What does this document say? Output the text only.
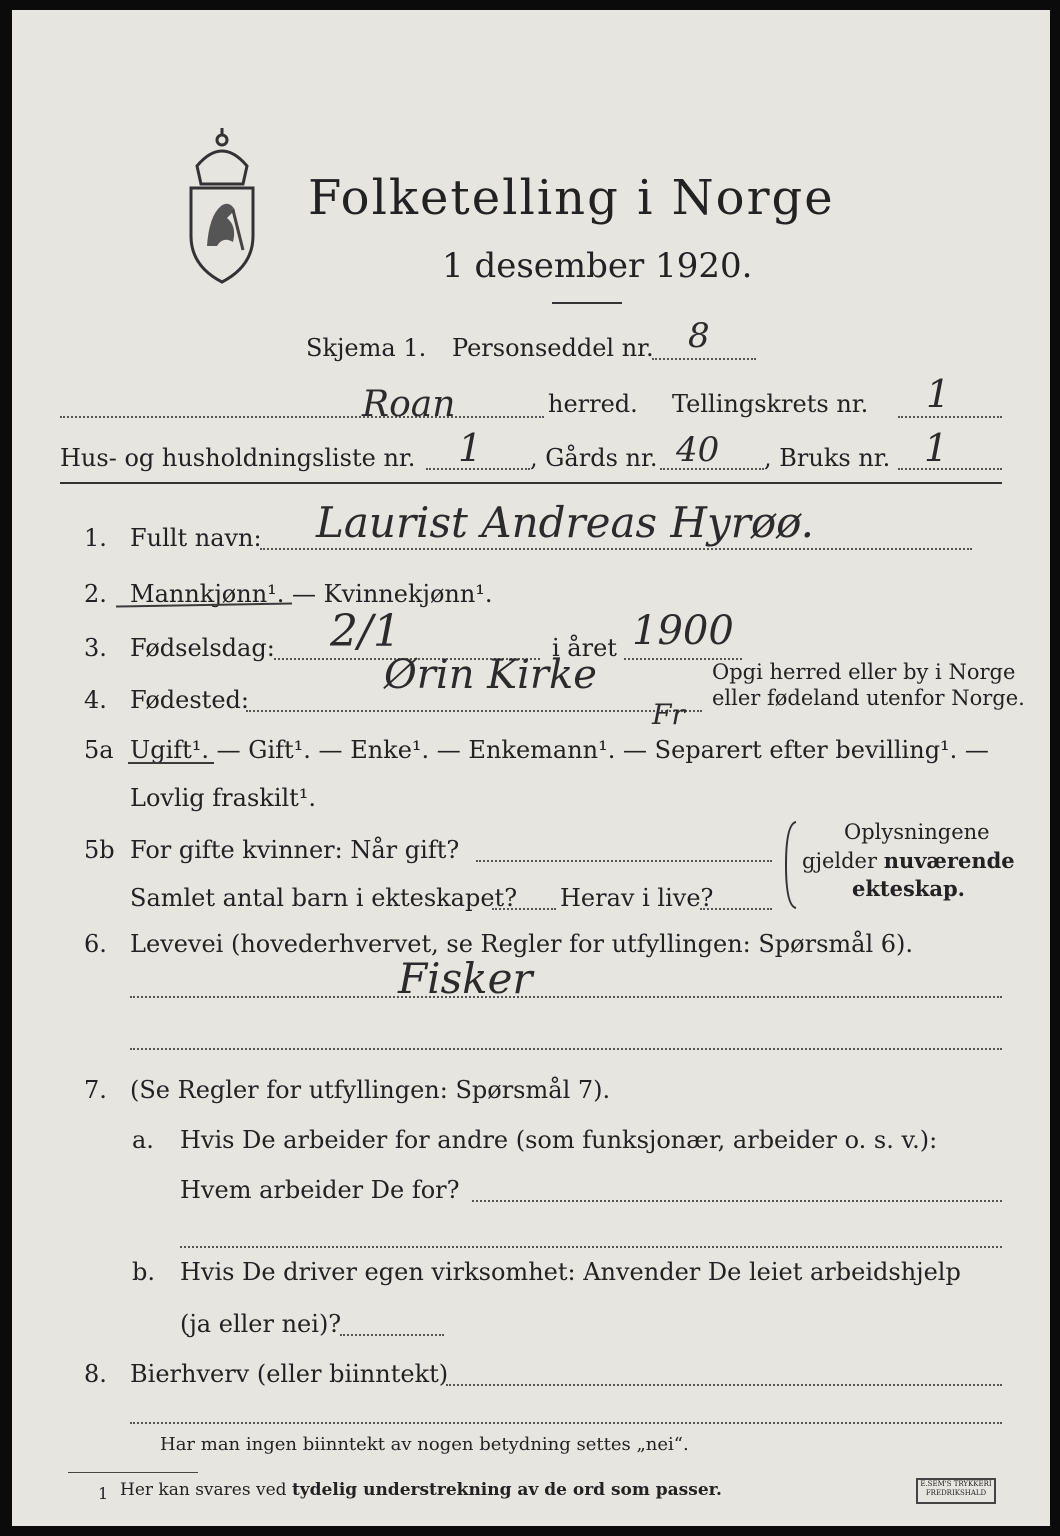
Folketelling i Norge
1 desember 1920.
Skjema 1. Personseddel nr. 8
Roan	herred. Tellingskrets nr. 1
Hus- og husholdningsliste nr. 1 , Gårds nr. 40 , Bruks nr. 1
1. Fullt navn: Laurist Andreas Hyrøø.
2. Mannkjønn¹. — Kvinnekjønn¹.
3. Fødselsdag: 2/1	i året 1900
4. Fødested:
Ørin Kirke
Fr
Opgi herred eller by i Norge
eller fødeland utenfor Norge.
5a Ugift¹. — Gift¹. — Enke¹. — Enkemann¹. — Separert efter bevilling¹. —
Lovlig fraskilt¹.
5b For gifte kvinner: Når gift?
Samlet antal barn i ekteskapet? Herav i live?
Oplysningene
gjelder nuværende
ekteskap.
6. Levevei (hovederhvervet, se Regler for utfyllingen: Spørsmål 6).
Fisker
7. (Se Regler for utfyllingen: Spørsmål 7).
a. Hvis De arbeider for andre (som funksjonær, arbeider o. s. v.):
Hvem arbeider De for?
b. Hvis De driver egen virksomhet: Anvender De leiet arbeidshjelp
(ja eller nei)?
8. Bierhverv (eller biinntekt)
Har man ingen biinntekt av nogen betydning settes „nei“.
1 Her kan svares ved tydelig understrekning av de ord som passer.	E.SEM'S TRYKKERI
FREDRIKSHALD
